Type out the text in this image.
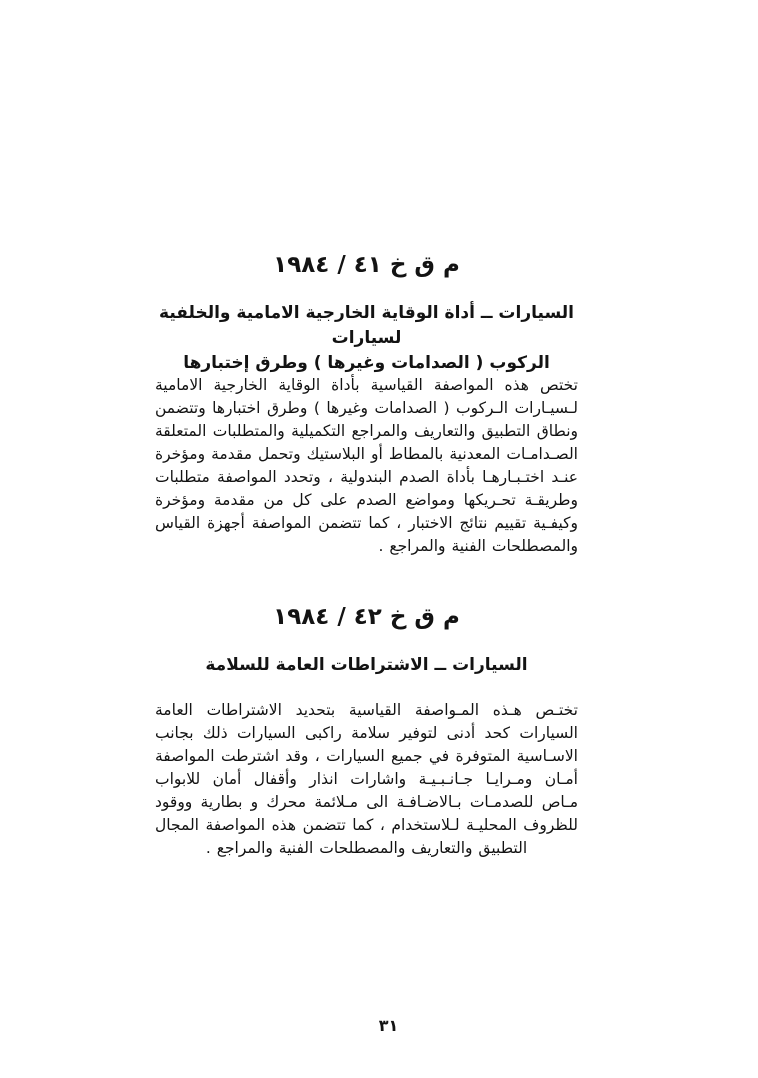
م ق خ ٤١ / ١٩٨٤
السيارات ــ أداة الوقاية الخارجية الامامية والخلفية لسيارات
الركوب ( الصدامات وغيرها ) وطرق إختبارها
تختص هذه المواصفة القياسية بأداة الوقاية الخارجية الامامية
لـسيـارات الـركوب ( الصدامات وغيرها ) وطرق اختبارها وتتضمن
ونطاق التطبيق والتعاريف والمراجع التكميلية والمتطلبات المتعلقة
الصـدامـات المعدنية بالمطاط أو البلاستيك وتحمل مقدمة ومؤخرة
عنـد اختـبـارهـا بأداة الصدم البندولية ، وتحدد المواصفة متطلبات
وطريقـة تحـريكها ومواضع الصدم على كل من مقدمة ومؤخرة
وكيفـية تقييم نتائج الاختبار ، كما تتضمن المواصفة أجهزة القياس
والمصطلحات الفنية والمراجع .
م ق خ ٤٢ / ١٩٨٤
السيارات ــ الاشتراطات العامة للسلامة
تختـص هـذه المـواصفة القياسية بتحديد الاشتراطات العامة
السيارات كحد أدنى لتوفير سلامة راكبى السيارات ذلك بجانب
الاسـاسية المتوفرة في جميع السيارات ، وقد اشترطت المواصفة
أمـان ومـرايـا جـانـبـيـة واشارات انذار وأقفال أمان للابواب
مـاص للصدمـات بـالاضـافـة الى مـلائمة محرك و بطارية ووقود
للظروف المحليـة لـلاستخدام ، كما تتضمن هذه المواصفة المجال
التطبيق والتعاريف والمصطلحات الفنية والمراجع .
٣١
